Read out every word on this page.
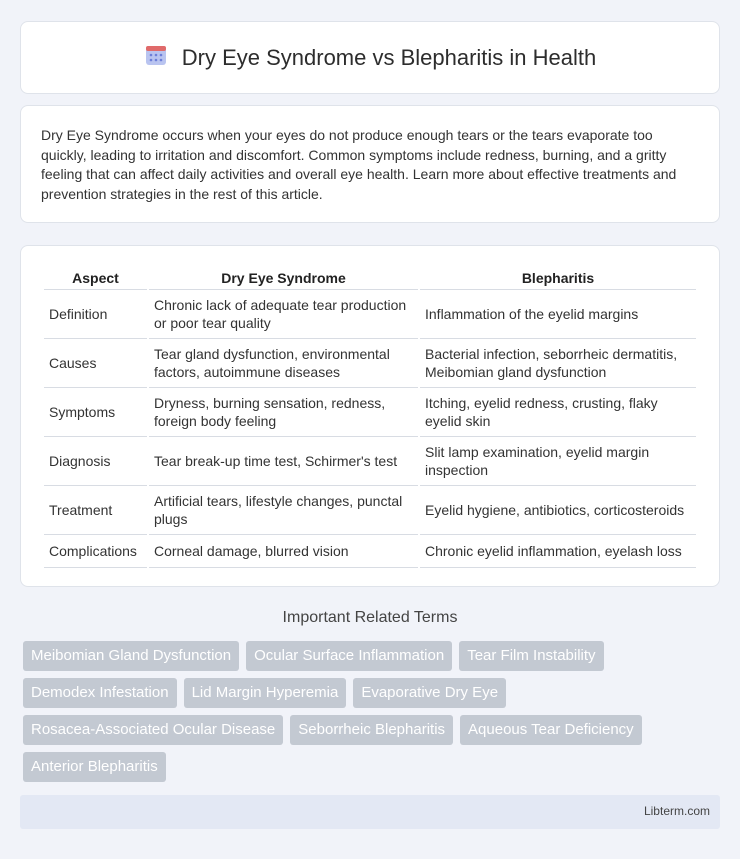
Dry Eye Syndrome vs Blepharitis in Health

Dry Eye Syndrome occurs when your eyes do not produce enough tears or the tears evaporate too quickly, leading to irritation and discomfort. Common symptoms include redness, burning, and a gritty feeling that can affect daily activities and overall eye health. Learn more about effective treatments and prevention strategies in the rest of this article.

Aspect	Dry Eye Syndrome	Blepharitis
Definition	Chronic lack of adequate tear production or poor tear quality	Inflammation of the eyelid margins
Causes	Tear gland dysfunction, environmental factors, autoimmune diseases	Bacterial infection, seborrheic dermatitis, Meibomian gland dysfunction
Symptoms	Dryness, burning sensation, redness, foreign body feeling	Itching, eyelid redness, crusting, flaky eyelid skin
Diagnosis	Tear break-up time test, Schirmer's test	Slit lamp examination, eyelid margin inspection
Treatment	Artificial tears, lifestyle changes, punctal plugs	Eyelid hygiene, antibiotics, corticosteroids
Complications	Corneal damage, blurred vision	Chronic eyelid inflammation, eyelash loss
Important Related Terms
Meibomian Gland Dysfunction	Ocular Surface Inflammation	Tear Film Instability
Demodex Infestation	Lid Margin Hyperemia	Evaporative Dry Eye
Rosacea-Associated Ocular Disease	Seborrheic Blepharitis	Aqueous Tear Deficiency
Anterior Blepharitis
Libterm.com
